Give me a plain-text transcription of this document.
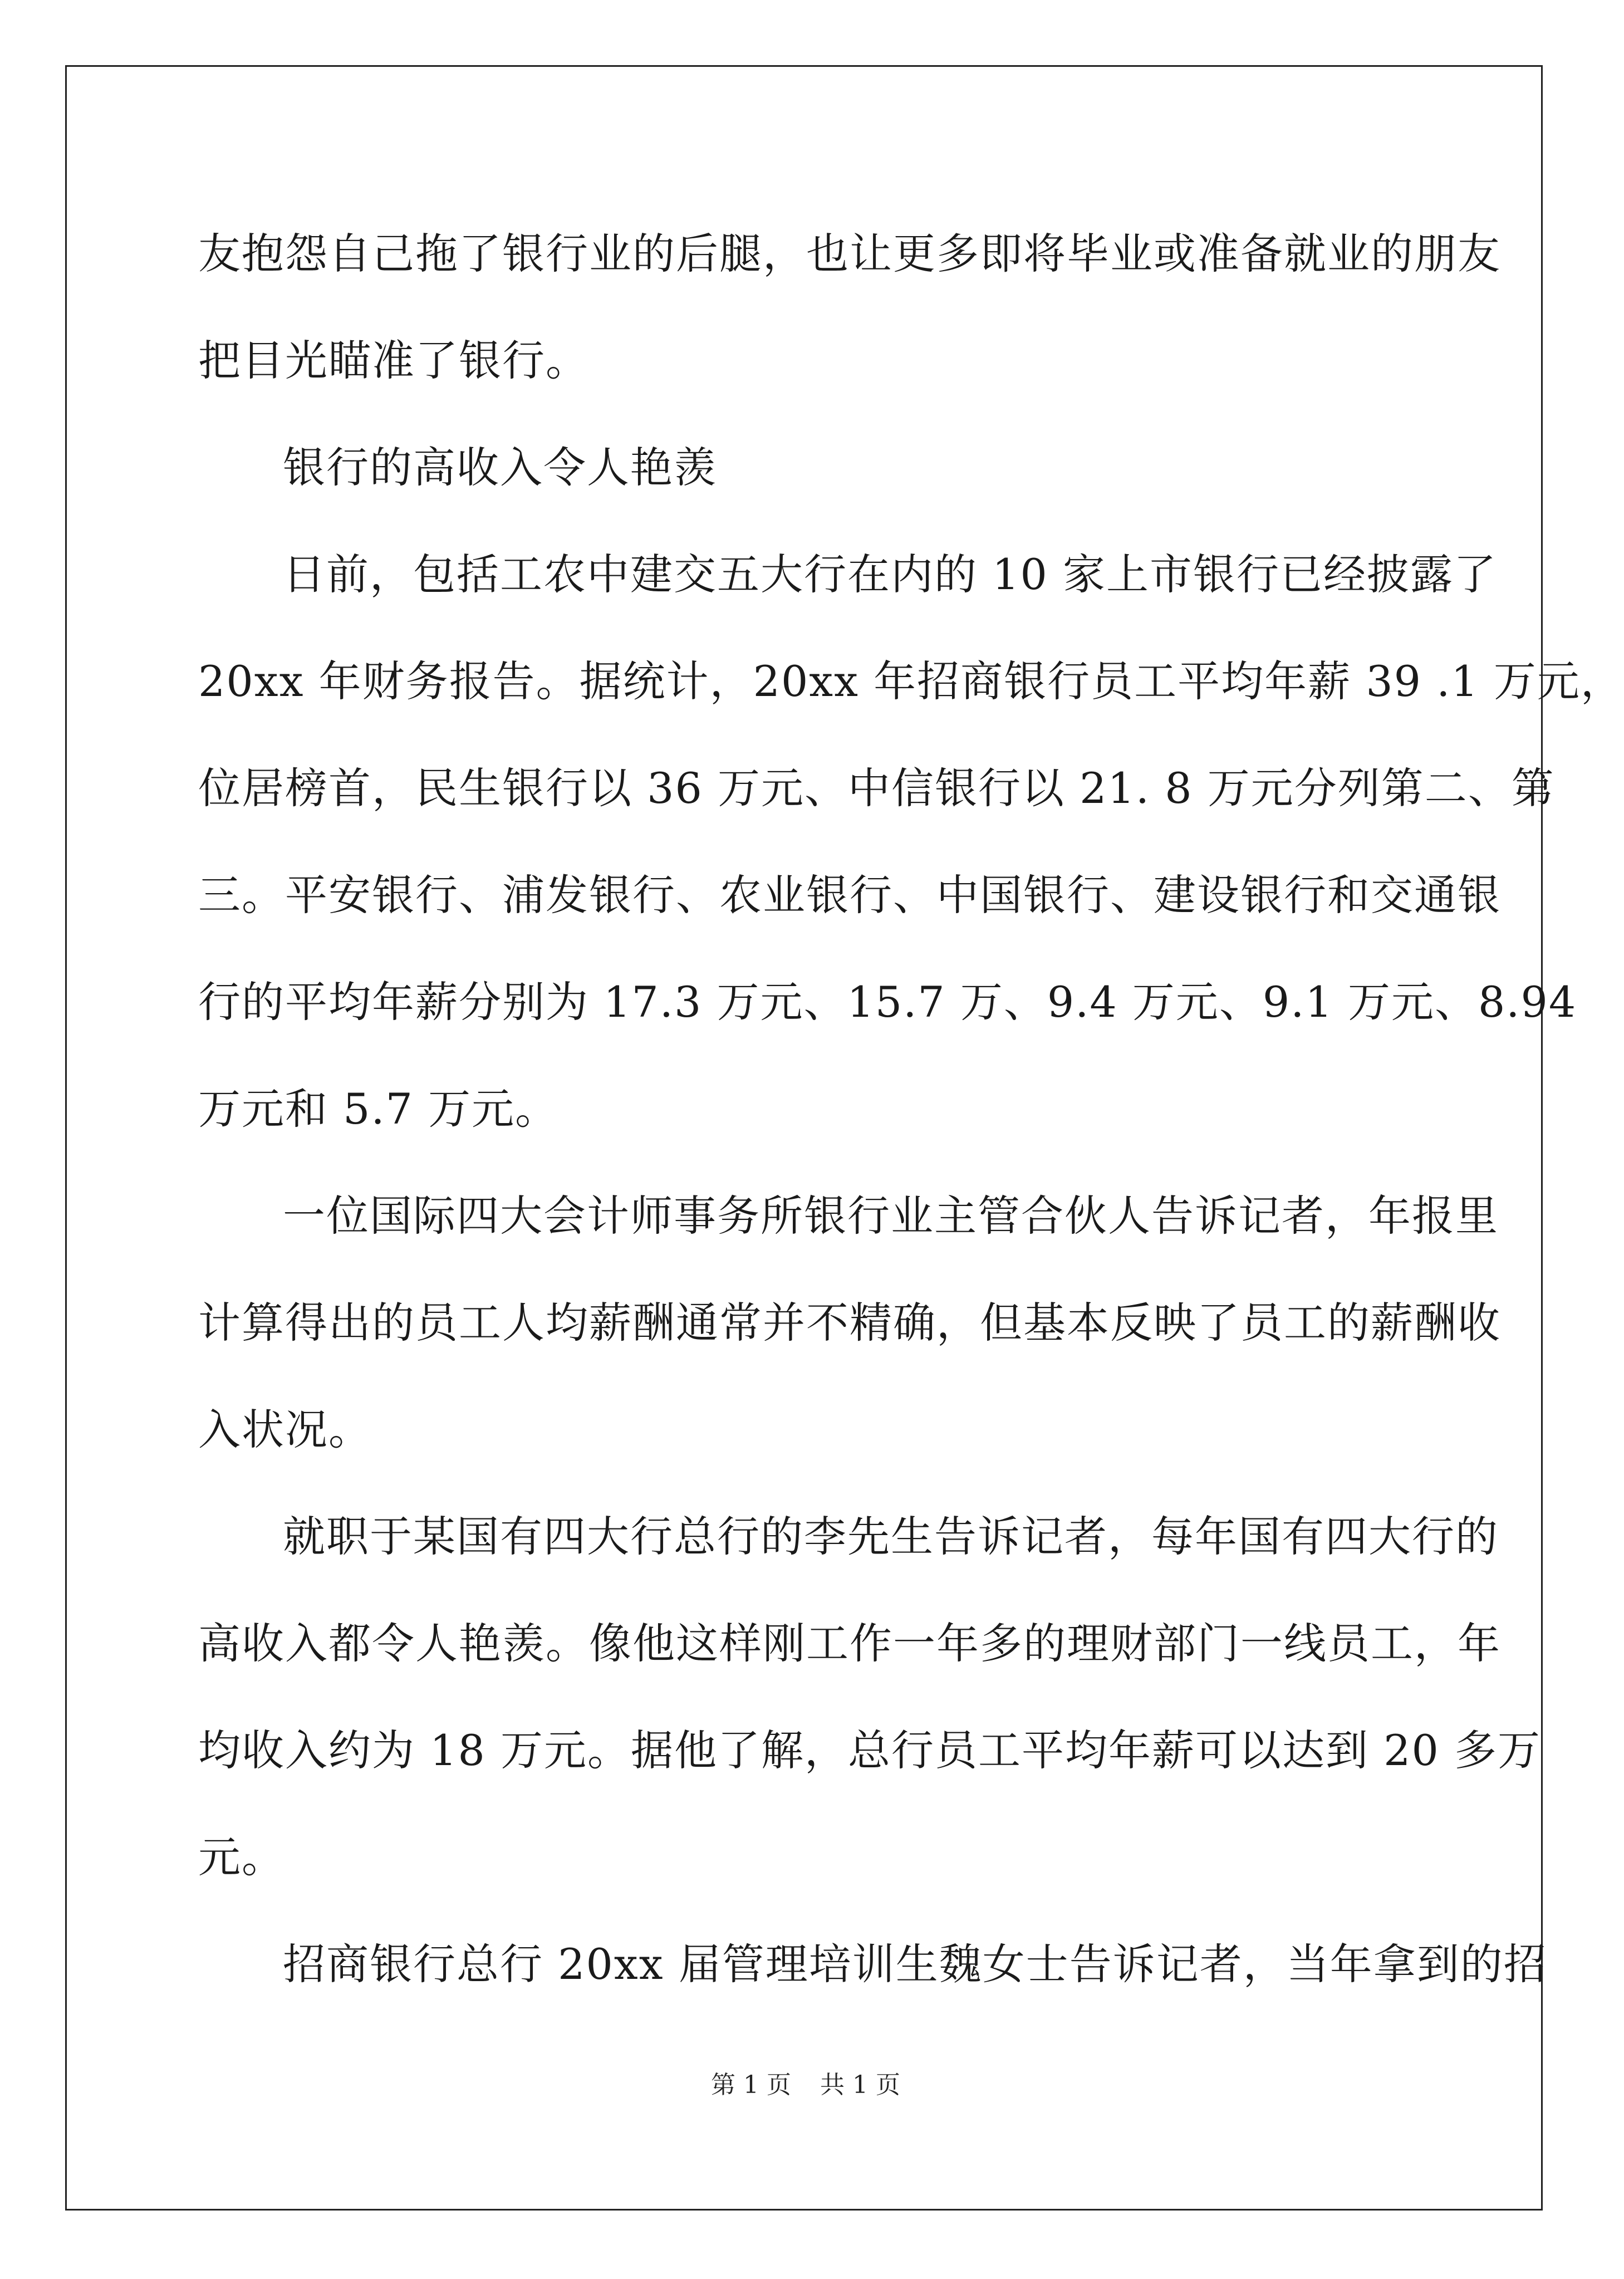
友抱怨自己拖了银行业的后腿，也让更多即将毕业或准备就业的朋友
把目光瞄准了银行。
银行的高收入令人艳羡
日前，包括工农中建交五大行在内的 10 家上市银行已经披露了
20xx 年财务报告。据统计，20xx 年招商银行员工平均年薪 39 .1 万元，
位居榜首，民生银行以 36 万元、中信银行以 21. 8 万元分列第二、第
三。平安银行、浦发银行、农业银行、中国银行、建设银行和交通银
行的平均年薪分别为 17.3 万元、15.7 万、9.4 万元、9.1 万元、8.94
万元和 5.7 万元。
一位国际四大会计师事务所银行业主管合伙人告诉记者，年报里
计算得出的员工人均薪酬通常并不精确，但基本反映了员工的薪酬收
入状况。
就职于某国有四大行总行的李先生告诉记者，每年国有四大行的
高收入都令人艳羡。像他这样刚工作一年多的理财部门一线员工，年
均收入约为 18 万元。据他了解，总行员工平均年薪可以达到 20 多万
元。
招商银行总行 20xx 届管理培训生魏女士告诉记者，当年拿到的招
第 1 页 共 1 页
